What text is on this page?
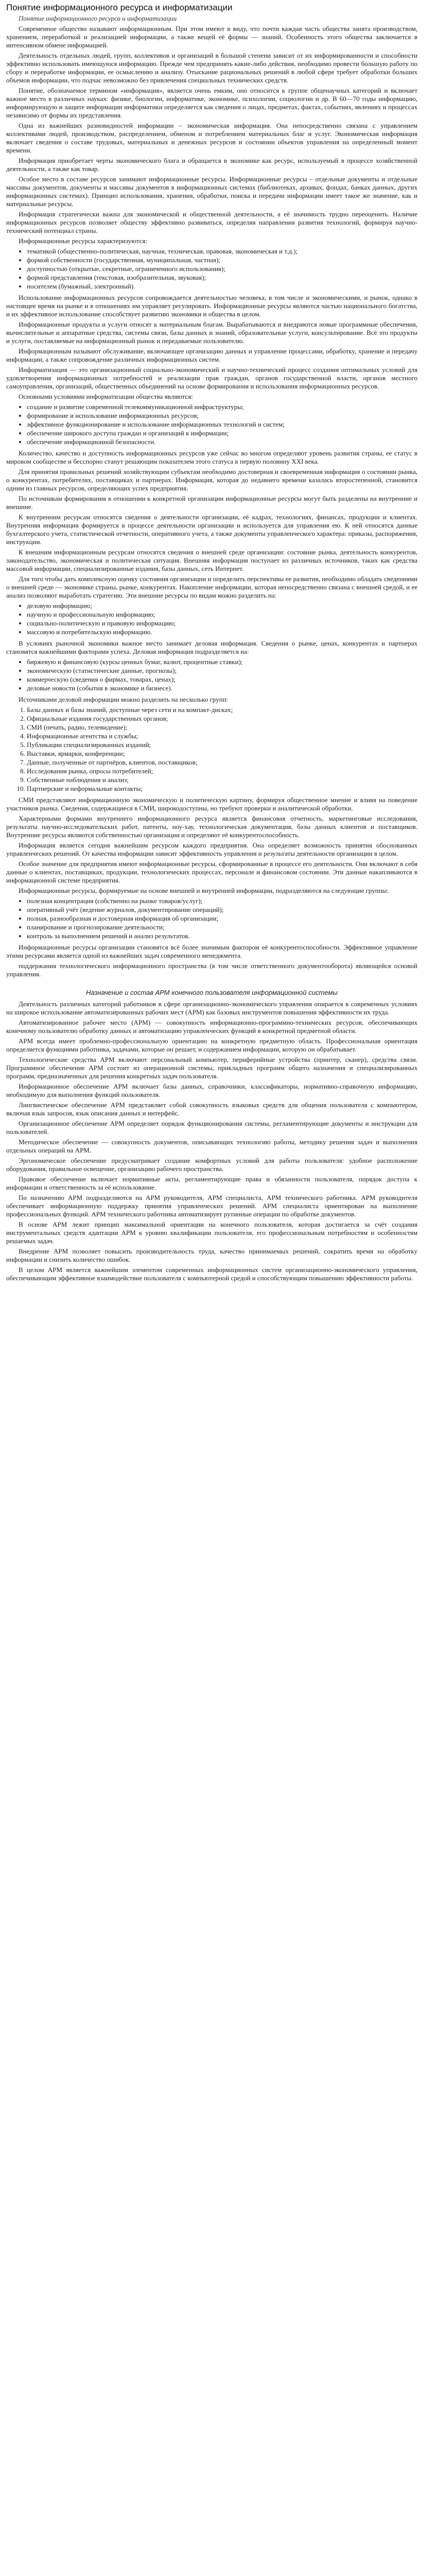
Понятие информационного ресурса и информатизации
Понятие информационного ресурса и информатизации

Современное общество называют информационным. При этом имеют в виду, что почти каждая часть общества занята производством, хранением, переработкой и реализацией информации, а также вещей её формы — знаний. Особенность этого общества заключается в интенсивном обмене информацией.

Деятельность отдельных людей, групп, коллективов и организаций в большой степени зависит от их информированности и способности эффективно использовать имеющуюся информацию. Прежде чем предпринять какие-либо действия, необходимо провести большую работу по сбору и переработке информации, ее осмыслению и анализу. Отыскание рациональных решений в любой сфере требует обработки больших объемов информации, что подчас невозможно без привлечения специальных технических средств.

Понятие, обозначаемое термином «информация», является очень емким, оно относится к группе общенаучных категорий и включает важное место в различных науках: физике, биологии, информатике, экономике, психологии, социологии и др. В 60—70 годы информацию, информирующую и защите информации информатики определяется как сведения о лицах, предметах, фактах, событиях, явлениях и процессах независимо от формы их представления.

Одна из важнейших разновидностей информации – экономическая информация. Она непосредственно связана с управлением коллективами людей, производством, распределением, обменом и потреблением материальных благ и услуг. Экономическая информация включает сведения о составе трудовых, материальных и денежных ресурсов и состоянии объектов управления на определенный момент времени.

Информация приобретает черты экономического блага и обращается в экономике как ресурс, используемый в процессе хозяйственной деятельности, а также как товар.

Особое место в составе ресурсов занимают информационные ресурсы. Информационные ресурсы – отдельные документы и отдельные массивы документов, документы и массивы документов в информационных системах (библиотеках, архивах, фондах, банках данных, других информационных системах). Принцип использования, хранения, обработки, поиска и передачи информации имеет такое же значение, как и материальные ресурсы.

Информация стратегически важна для экономической и общественной деятельности, а её значимость трудно переоценить. Наличие информационных ресурсов позволяет обществу эффективно развиваться, определяя направления развития технологий, формируя научно-технический потенциал страны.

Информационные ресурсы характеризуются:

• тематикой (общественно-политическая, научная, техническая, правовая, экономическая и т.д.);
• формой собственности (государственная, муниципальная, частная);
• доступностью (открытые, секретные, ограниченного использования);
• формой представления (текстовая, изобразительная, звуковая);
• носителем (бумажный, электронный).

Использование информационных ресурсов сопровождается деятельностью человека, в том числе и экономическими, и рынок, однако в настоящее время на рынке и в отношениях им управляет регулировать. Информационные ресурсы являются частью национального богатства, и их эффективное использование способствует развитию экономики и общества в целом.

Информационные продукты и услуги относят к материальным благам. Вырабатываются и внедряются новые программные обеспечения, вычислительные и аппаратные средства, системы связи, базы данных и знаний, образовательные услуги, консультирование. Всё это продукты и услуги, поставляемые на информационный рынок и передаваемые пользователю.

Информационным называют обслуживание, включающее организацию данных и управление процессами, обработку, хранение и передачу информации, а также сопровождение различных информационных систем.

Информатизация — это организационный социально-экономический и научно-технический процесс создания оптимальных условий для удовлетворения информационных потребностей и реализации прав граждан, органов государственной власти, органов местного самоуправления, организаций, общественных объединений на основе формирования и использования информационных ресурсов.

Основными условиями информатизации общества являются:

• создание и развитие современной телекоммуникационной инфраструктуры;
• формирование и использование информационных ресурсов;
• эффективное функционирование и использование информационных технологий и систем;
• обеспечение широкого доступа граждан и организаций к информации;
• обеспечение информационной безопасности.

Количество, качество и доступность информационных ресурсов уже сейчас во многом определяют уровень развития страны, ее статус в мировом сообществе и бесспорно станут решающим показателем этого статуса в первую половину XXI века.

Для принятия правильных решений хозяйствующим субъектам необходимо достоверная и своевременная информация о состоянии рынка, о конкурентах, потребителях, поставщиках и партнерах. Информация, которая до недавнего времени казалась второстепенной, становится одним из главных ресурсов, определяющих успех предприятия.

По источникам формирования в отношении к конкретной организации информационные ресурсы могут быть разделены на внутренние и внешние.

К внутренним ресурсам относятся сведения о деятельности организации, её кадрах, технологиях, финансах, продукции и клиентах. Внутренняя информация формируется в процессе деятельности организации и используется для управления ею. К ней относятся данные бухгалтерского учета, статистической отчетности, оперативного учета, а также документы управленческого характера: приказы, распоряжения, инструкции.

К внешним информационным ресурсам относятся сведения о внешней среде организации: состояние рынка, деятельность конкурентов, законодательство, экономическая и политическая ситуация. Внешняя информация поступает из различных источников, таких как средства массовой информации, специализированные издания, базы данных, сеть Интернет.

Для того чтобы дать комплексную оценку состояния организации и определить перспективы ее развития, необходимо обладать сведениями о внешней среде — экономике страны, рынке, конкурентах. Накопление информации, которая непосредственно связана с внешней средой, и ее анализ позволяют выработать стратегию. Эти внешние ресурсы по видам можно разделить на:

• деловую информацию;
• научную и профессиональную информацию;
• социально-политическую и правовую информацию;
• массовую и потребительскую информацию.

В условиях рыночной экономики важное место занимает деловая информация. Сведения о рынке, ценах, конкурентах и партнерах становятся важнейшими факторами успеха. Деловая информация подразделяется на:

• биржевую и финансовую (курсы ценных бумаг, валют, процентные ставки);
• экономическую (статистические данные, прогнозы);
• коммерческую (сведения о фирмах, товарах, ценах);
• деловые новости (события в экономике и бизнесе).

Источниками деловой информации можно разделить на несколько групп:

1. Базы данных и базы знаний, доступные через сети и на компакт-дисках;
2. Официальные издания государственных органов;
3. СМИ (печать, радио, телевидение);
4. Информационные агентства и службы;
5. Публикации специализированных изданий;
6. Выставки, ярмарки, конференции;
7. Данные, полученные от партнёров, клиентов, поставщиков;
8. Исследования рынка, опросы потребителей;
9. Собственные наблюдения и анализ;
10. Партнерские и неформальные контакты;

СМИ представляют информационную экономическую и политическую картину, формируя общественное мнение и влияя на поведение участников рынка. Сведения, содержащиеся в СМИ, широкодоступны, но требуют проверки и аналитической обработки.

Характерными формами внутреннего информационного ресурса является финансовая отчетность, маркетинговые исследования, результаты научно-исследовательских работ, патенты, ноу-хау, технологическая документация, базы данных клиентов и поставщиков. Внутренние ресурсы являются собственностью организации и определяют её конкурентоспособность.

Информация является сегодня важнейшим ресурсом каждого предприятия. Она определяет возможность принятия обоснованных управленческих решений. От качества информации зависит эффективность управления и результаты деятельности организации в целом.

Особое значение для предприятия имеют информационные ресурсы, сформированные в процессе его деятельности. Они включают в себя данные о клиентах, поставщиках, продукции, технологических процессах, персонале и финансовом состоянии. Эти данные накапливаются в информационной системе предприятия.

Информационные ресурсы, формируемые на основе внешней и внутренней информации, подразделяются на следующие группы:

• полезная концентрация (собственно на рынке товаров/услуг);
• оперативный учёт (ведение журналов, документирование операций);
• полная, разнообразная и достоверная информация об организации;
• планирование и прогнозирование деятельности;
• контроль за выполнением решений и анализ результатов.

Информационные ресурсы организации становятся всё более значимым фактором её конкурентоспособности. Эффективное управление этими ресурсами является одной из важнейших задач современного менеджмента.

поддержания технологического информационного пространства (в том числе ответственного документооборота) являющейся основой управления.

Назначение и состав АРМ конечного пользователя информационной системы

Деятельность различных категорий работников в сфере организационно-экономического управления опирается в современных условиях на широкое использование автоматизированных рабочих мест (АРМ) как базовых инструментов повышения эффективности их труда.

Автоматизированное рабочее место (АРМ) — совокупность информационно-программно-технических ресурсов, обеспечивающих конечному пользователю обработку данных и автоматизацию управленческих функций в конкретной предметной области.

АРМ всегда имеет проблемно-профессиональную ориентацию на конкретную предметную область. Профессиональная ориентация определяется функциями работника, задачами, которые он решает, и содержанием информации, которую он обрабатывает.

Технологические средства АРМ включают персональный компьютер, периферийные устройства (принтер, сканер), средства связи. Программное обеспечение АРМ состоит из операционной системы, прикладных программ общего назначения и специализированных программ, предназначенных для решения конкретных задач пользователя.

Информационное обеспечение АРМ включает базы данных, справочники, классификаторы, нормативно-справочную информацию, необходимую для выполнения функций пользователя.

Лингвистическое обеспечение АРМ представляет собой совокупность языковых средств для общения пользователя с компьютером, включая язык запросов, язык описания данных и интерфейс.

Организационное обеспечение АРМ определяет порядок функционирования системы, регламентирующие документы и инструкции для пользователей.

Методическое обеспечение — совокупность документов, описывающих технологию работы, методику решения задач и выполнения отдельных операций на АРМ.

Эргономическое обеспечение предусматривает создание комфортных условий для работы пользователя: удобное расположение оборудования, правильное освещение, организацию рабочего пространства.

Правовое обеспечение включает нормативные акты, регламентирующие права и обязанности пользователя, порядок доступа к информации и ответственность за её использование.

По назначению АРМ подразделяются на АРМ руководителя, АРМ специалиста, АРМ технического работника. АРМ руководителя обеспечивает информационную поддержку принятия управленческих решений. АРМ специалиста ориентирован на выполнение профессиональных функций. АРМ технического работника автоматизирует рутинные операции по обработке документов.

В основе АРМ лежит принцип максимальной ориентации на конечного пользователя, которая достигается за счёт создания инструментальных средств адаптации АРМ к уровню квалификации пользователя, его профессиональным потребностям и особенностям решаемых задач.

Внедрение АРМ позволяет повысить производительность труда, качество принимаемых решений, сократить время на обработку информации и снизить количество ошибок.

В целом АРМ является важнейшим элементом современных информационных систем организационно-экономического управления, обеспечивающим эффективное взаимодействие пользователя с компьютерной средой и способствующим повышению эффективности работы.
